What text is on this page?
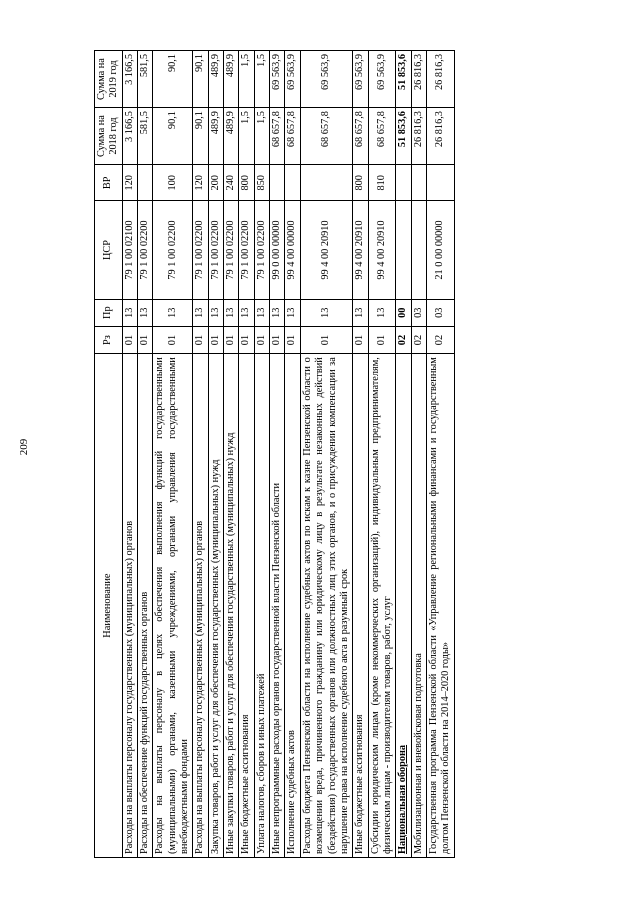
209
Наименование	Рз	Пр	ЦСР	ВР	Сумма на 2018 год	Сумма на 2019 год
Расходы на выплаты персоналу государственных (муниципальных) органов	01	13	79 1 00 02100	120	3 166,5	3 166,5
Расходы на обеспечение функций государственных органов	01	13	79 1 00 02200		581,5	581,5
Расходы на выплаты персоналу в целях обеспечения выполнения функций государственными (муниципальными) органами, казенными учреждениями, органами управления государственными внебюджетными фондами	01	13	79 1 00 02200	100	90,1	90,1
Расходы на выплаты персоналу государственных (муниципальных) органов	01	13	79 1 00 02200	120	90,1	90,1
Закупка товаров, работ и услуг для обеспечения государственных (муниципальных) нужд	01	13	79 1 00 02200	200	489,9	489,9
Иные закупки товаров, работ и услуг для обеспечения государственных (муниципальных) нужд	01	13	79 1 00 02200	240	489,9	489,9
Иные бюджетные ассигнования	01	13	79 1 00 02200	800	1,5	1,5
Уплата налогов, сборов и иных платежей	01	13	79 1 00 02200	850	1,5	1,5
Иные непрограммные расходы органов государственной власти Пензенской области	01	13	99 0 00 00000		68 657,8	69 563,9
Исполнение судебных актов	01	13	99 4 00 00000		68 657,8	69 563,9
Расходы бюджета Пензенской области на исполнение судебных актов по искам к казне Пензенской области о возмещении вреда, причиненного гражданину или юридическому лицу в результате незаконных действий (бездействия) государственных органов или должностных лиц этих органов, и о присуждении компенсации за нарушение права на исполнение судебного акта в разумный срок	01	13	99 4 00 20910		68 657,8	69 563,9
Иные бюджетные ассигнования	01	13	99 4 00 20910	800	68 657,8	69 563,9
Субсидии юридическим лицам (кроме некоммерческих организаций), индивидуальным предпринимателям, физическим лицам - производителям товаров, работ, услуг	01	13	99 4 00 20910	810	68 657,8	69 563,9
Национальная оборона	02	00			51 853,6	51 853,6
Мобилизационная и вневойсковая подготовка	02	03			26 816,3	26 816,3
Государственная программа Пензенской области «Управление региональными финансами и государственным долгом Пензенской области на 2014–2020 годы»	02	03	21 0 00 00000		26 816,3	26 816,3
